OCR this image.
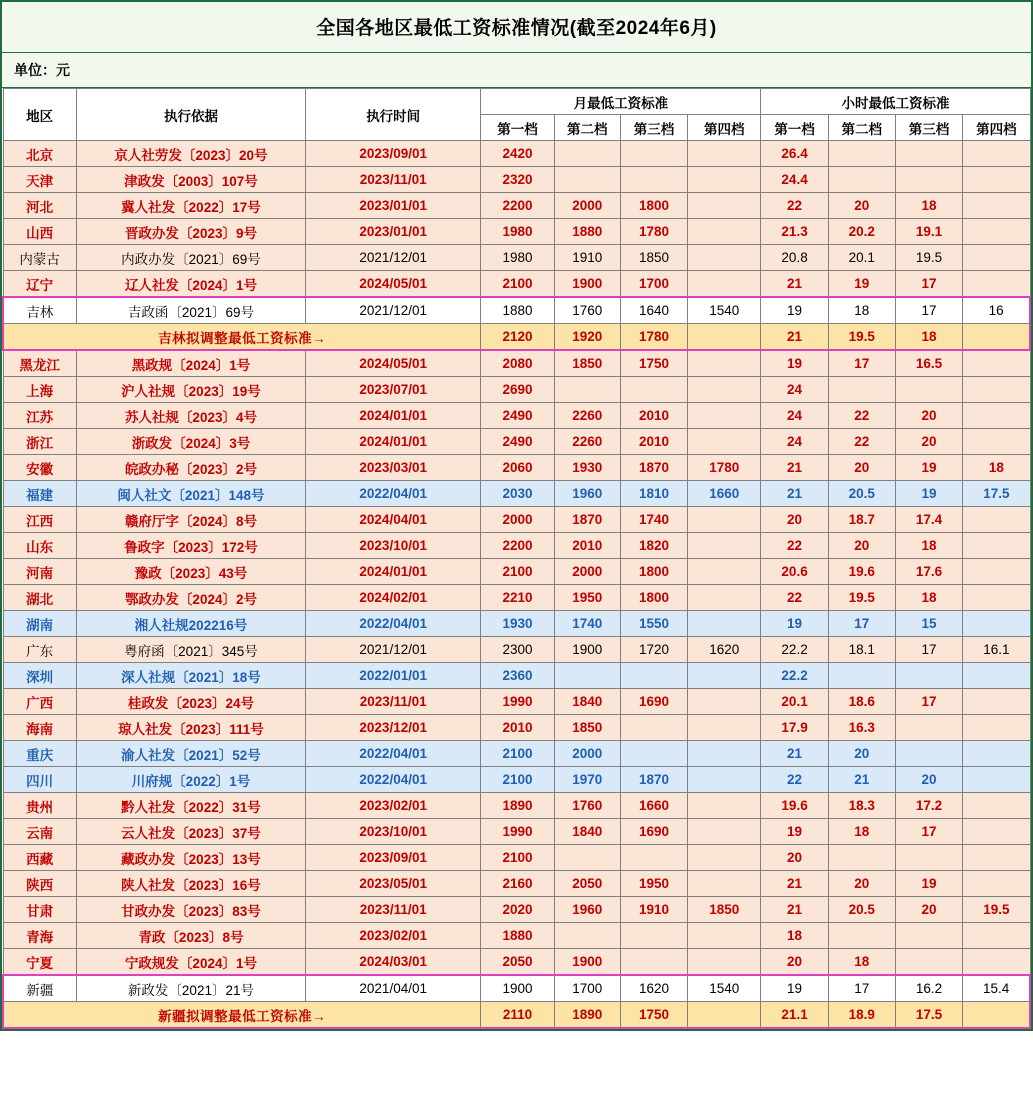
全国各地区最低工资标准情况(截至2024年6月)
单位：元
地区	执行依据	执行时间	月最低工资标准				小时最低工资标准			
			第一档	第二档	第三档	第四档	第一档	第二档	第三档	第四档
北京	京人社劳发〔2023〕20号	2023/09/01	2420				26.4			
天津	津政发〔2003〕107号	2023/11/01	2320				24.4			
河北	冀人社发〔2022〕17号	2023/01/01	2200	2000	1800		22	20	18	
山西	晋政办发〔2023〕9号	2023/01/01	1980	1880	1780		21.3	20.2	19.1	
内蒙古	内政办发〔2021〕69号	2021/12/01	1980	1910	1850		20.8	20.1	19.5	
辽宁	辽人社发〔2024〕1号	2024/05/01	2100	1900	1700		21	19	17	
吉林	吉政函〔2021〕69号	2021/12/01	1880	1760	1640	1540	19	18	17	16
吉林拟调整最低工资标准→			2120	1920	1780		21	19.5	18	
黑龙江	黑政规〔2024〕1号	2024/05/01	2080	1850	1750		19	17	16.5	
上海	沪人社规〔2023〕19号	2023/07/01	2690				24			
江苏	苏人社规〔2023〕4号	2024/01/01	2490	2260	2010		24	22	20	
浙江	浙政发〔2024〕3号	2024/01/01	2490	2260	2010		24	22	20	
安徽	皖政办秘〔2023〕2号	2023/03/01	2060	1930	1870	1780	21	20	19	18
福建	闽人社文〔2021〕148号	2022/04/01	2030	1960	1810	1660	21	20.5	19	17.5
江西	赣府厅字〔2024〕8号	2024/04/01	2000	1870	1740		20	18.7	17.4	
山东	鲁政字〔2023〕172号	2023/10/01	2200	2010	1820		22	20	18	
河南	豫政〔2023〕43号	2024/01/01	2100	2000	1800		20.6	19.6	17.6	
湖北	鄂政办发〔2024〕2号	2024/02/01	2210	1950	1800		22	19.5	18	
湖南	湘人社规202216号	2022/04/01	1930	1740	1550		19	17	15	
广东	粤府函〔2021〕345号	2021/12/01	2300	1900	1720	1620	22.2	18.1	17	16.1
深圳	深人社规〔2021〕18号	2022/01/01	2360				22.2			
广西	桂政发〔2023〕24号	2023/11/01	1990	1840	1690		20.1	18.6	17	
海南	琼人社发〔2023〕111号	2023/12/01	2010	1850			17.9	16.3		
重庆	渝人社发〔2021〕52号	2022/04/01	2100	2000			21	20		
四川	川府规〔2022〕1号	2022/04/01	2100	1970	1870		22	21	20	
贵州	黔人社发〔2022〕31号	2023/02/01	1890	1760	1660		19.6	18.3	17.2	
云南	云人社发〔2023〕37号	2023/10/01	1990	1840	1690		19	18	17	
西藏	藏政办发〔2023〕13号	2023/09/01	2100				20			
陕西	陕人社发〔2023〕16号	2023/05/01	2160	2050	1950		21	20	19	
甘肃	甘政办发〔2023〕83号	2023/11/01	2020	1960	1910	1850	21	20.5	20	19.5
青海	青政〔2023〕8号	2023/02/01	1880				18			
宁夏	宁政规发〔2024〕1号	2024/03/01	2050	1900			20	18		
新疆	新政发〔2021〕21号	2021/04/01	1900	1700	1620	1540	19	17	16.2	15.4
新疆拟调整最低工资标准→			2110	1890	1750		21.1	18.9	17.5	
